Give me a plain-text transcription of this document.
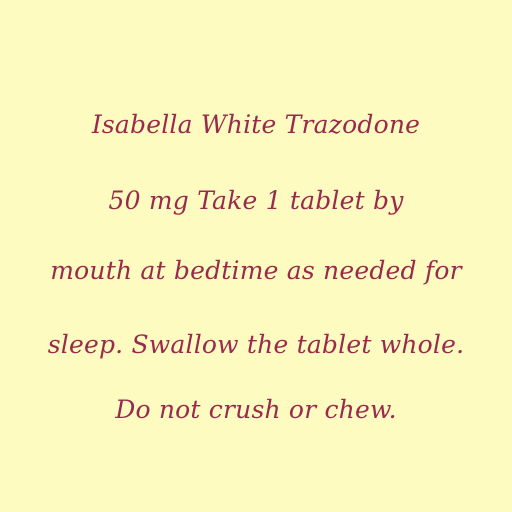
Isabella White Trazodone
50 mg Take 1 tablet by
mouth at bedtime as needed for
sleep. Swallow the tablet whole.
Do not crush or chew.
